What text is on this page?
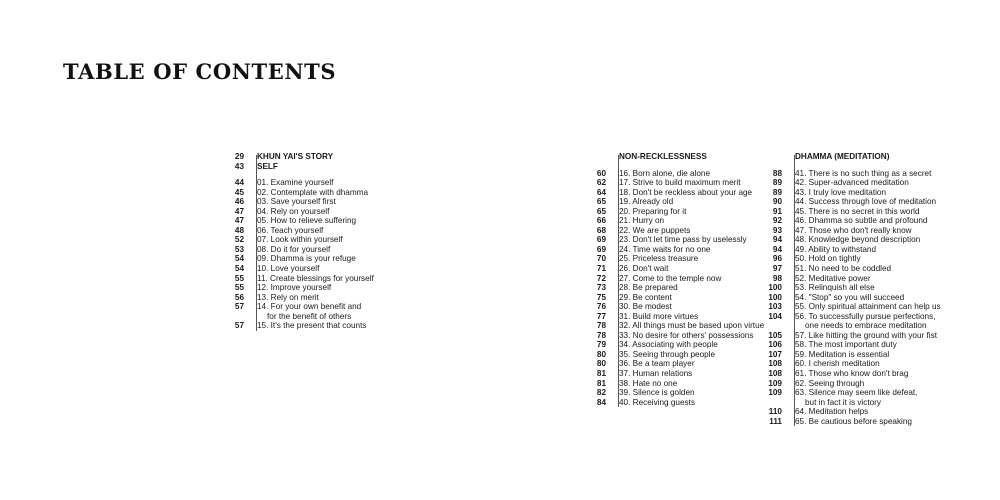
TABLE OF CONTENTS
29	KHUN YAI'S STORY
43	SELF
44	01. Examine yourself
45	02. Contemplate with dhamma
46	03. Save yourself first
47	04. Rely on yourself
47	05. How to relieve suffering
48	06. Teach yourself
52	07. Look within yourself
53	08. Do it for yourself
54	09. Dhamma is your refuge
54	10. Love yourself
55	11. Create blessings for yourself
55	12. Improve yourself
56	13. Rely on merit
57	14. For your own benefit and
for the benefit of others
57	15. It's the present that counts
NON-RECKLESSNESS
60	16. Born alone, die alone
62	17. Strive to build maximum merit
64	18. Don't be reckless about your age
65	19. Already old
65	20. Preparing for it
66	21. Hurry on
68	22. We are puppets
69	23. Don't let time pass by uselessly
69	24. Time waits for no one
70	25. Priceless treasure
71	26. Don't wait
72	27. Come to the temple now
73	28. Be prepared
75	29. Be content
76	30. Be modest
77	31. Build more virtues
78	32. All things must be based upon virtue
78	33. No desire for others' possessions
79	34. Associating with people
80	35. Seeing through people
80	36. Be a team player
81	37. Human relations
81	38. Hate no one
82	39. Silence is golden
84	40. Receiving guests
DHAMMA (MEDITATION)
88	41. There is no such thing as a secret
89	42. Super-advanced meditation
89	43. I truly love meditation
90	44. Success through love of meditation
91	45. There is no secret in this world
92	46. Dhamma so subtle and profound
93	47. Those who don't really know
94	48. Knowledge beyond description
94	49. Ability to withstand
96	50. Hold on tightly
97	51. No need to be coddled
98	52. Meditative power
100	53. Relinquish all else
100	54. "Stop" so you will succeed
103	55. Only spiritual attainment can help us
104	56. To successfully pursue perfections,
one needs to embrace meditation
105	57. Like hitting the ground with your fist
106	58. The most important duty
107	59. Meditation is essential
108	60. I cherish meditation
108	61. Those who know don't brag
109	62. Seeing through
109	63. Silence may seem like defeat,
but in fact it is victory
110	64. Meditation helps
111	65. Be cautious before speaking
